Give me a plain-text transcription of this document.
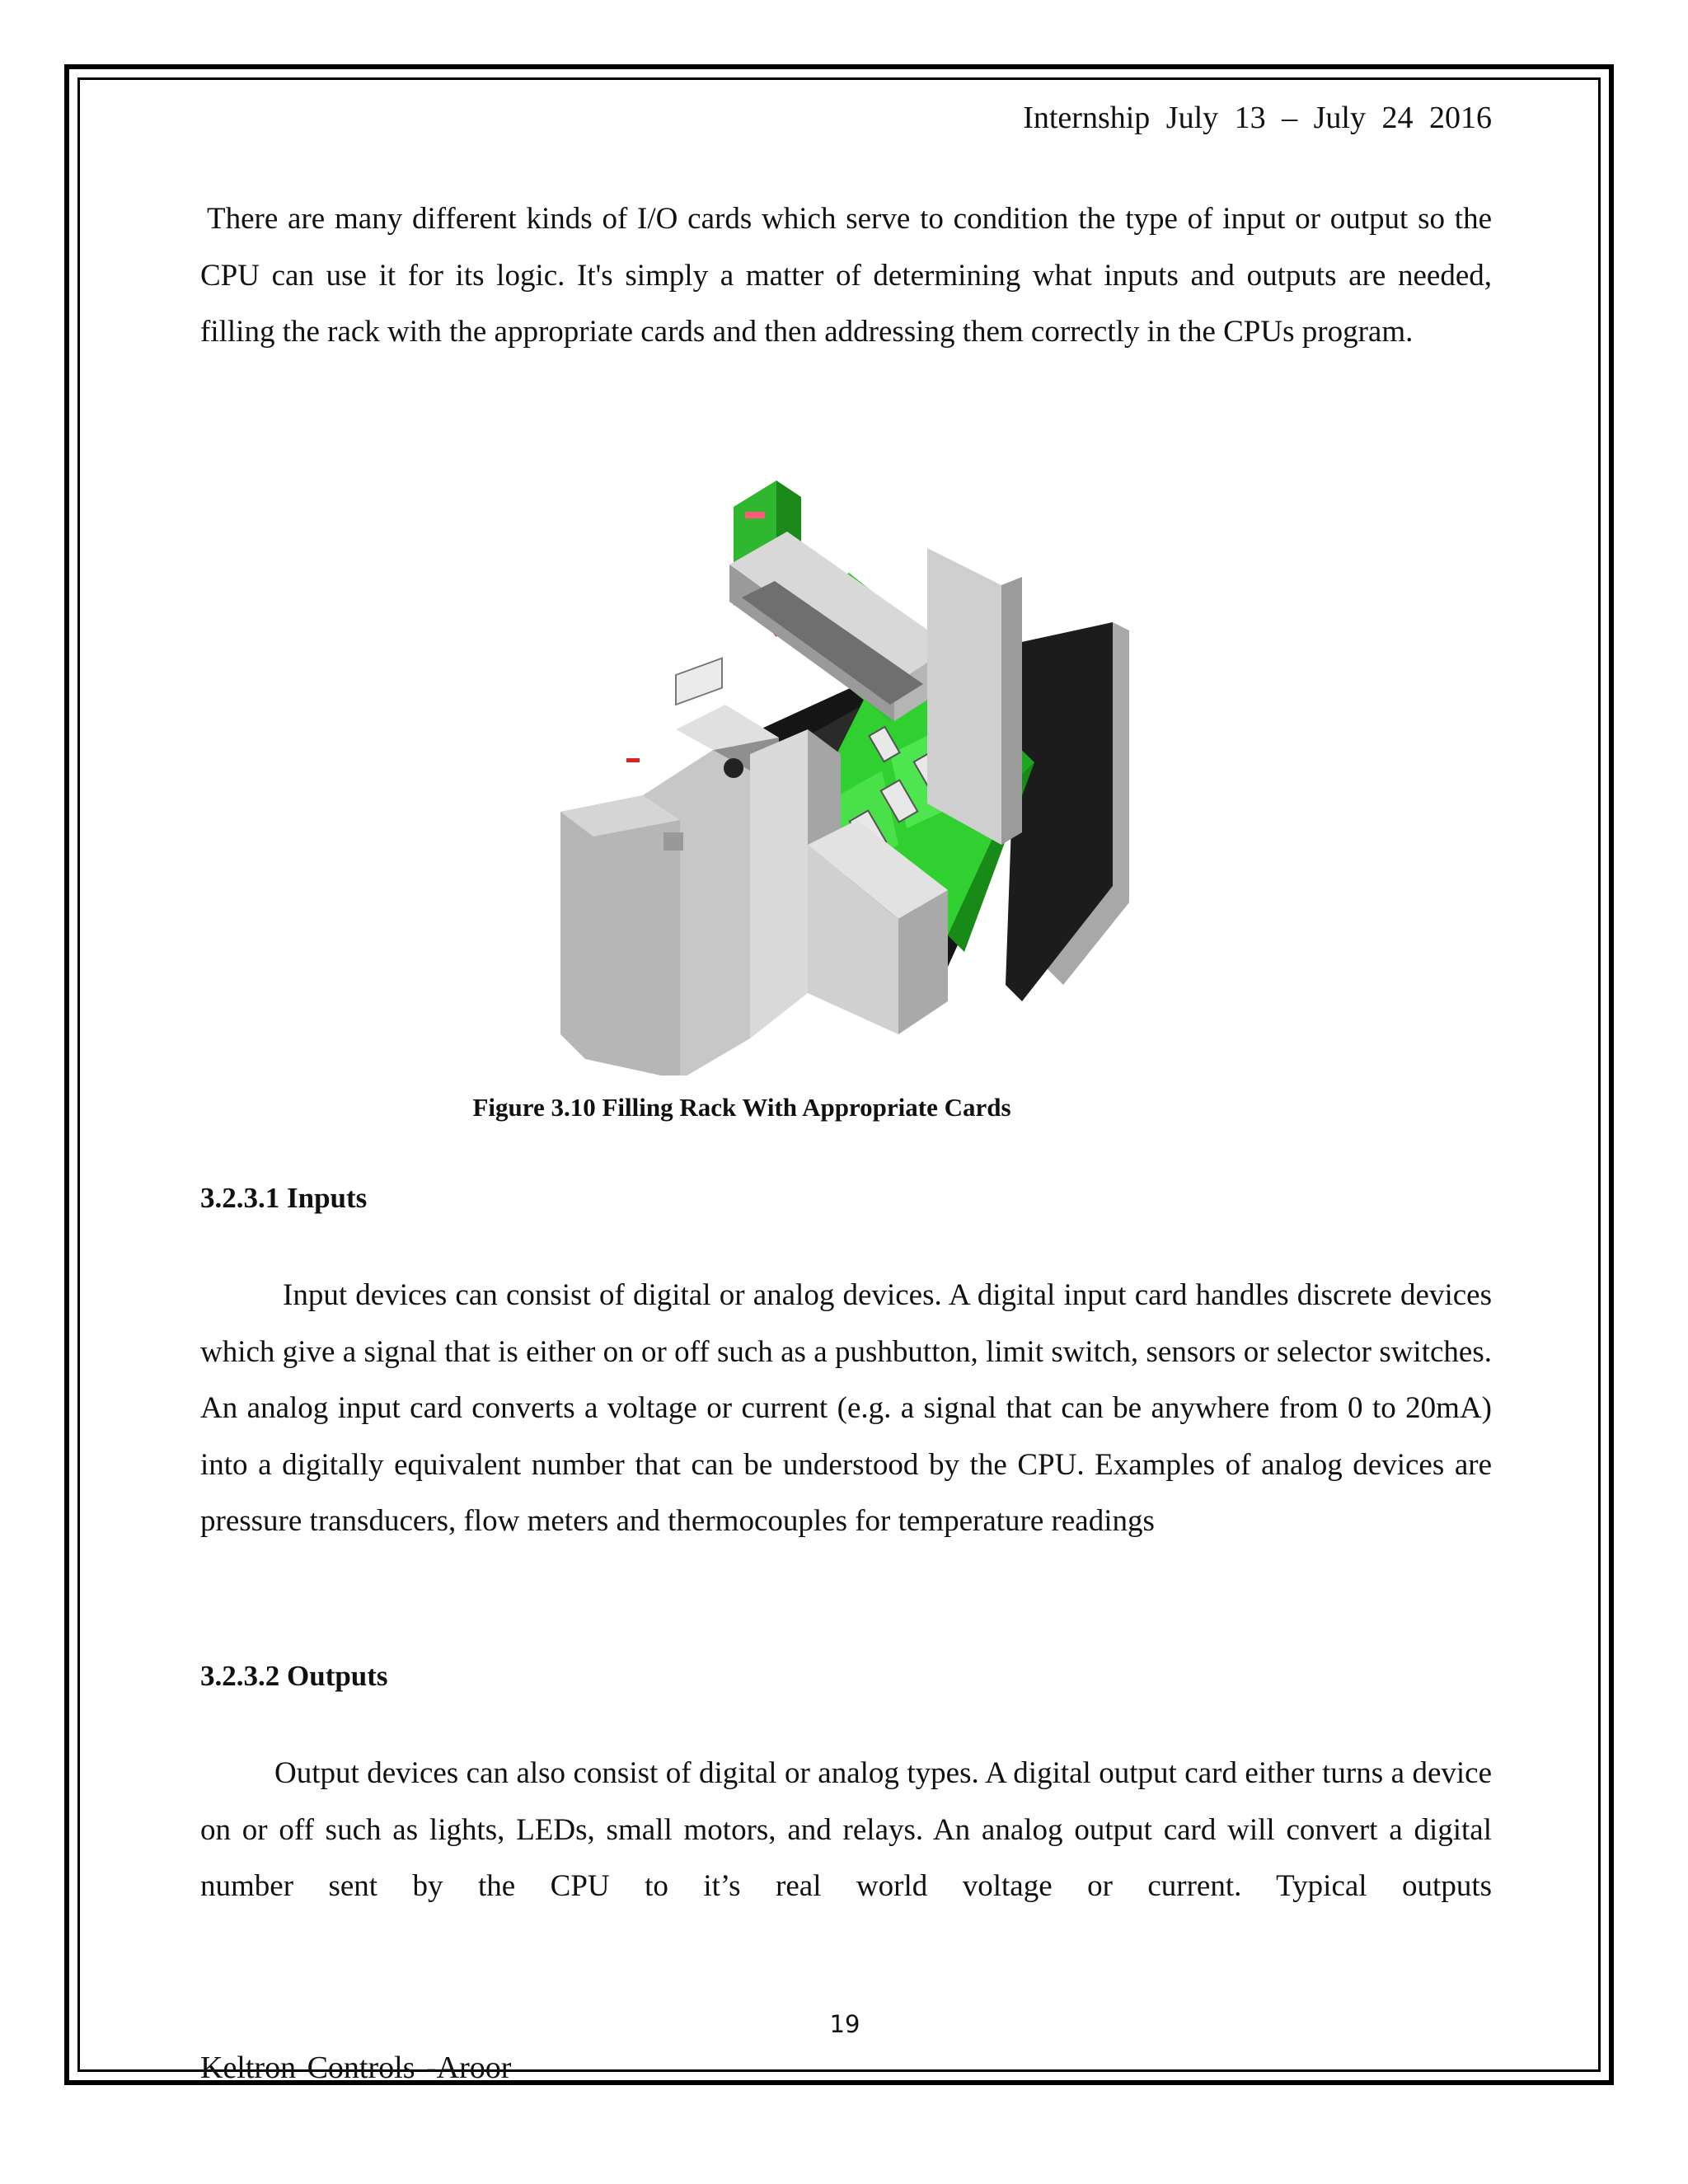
Internship July 13 – July 24 2016

There are many different kinds of I/O cards which serve to condition the type of input or output so the CPU can use it for its logic. It's simply a matter of determining what inputs and outputs are needed, filling the rack with the appropriate cards and then addressing them correctly in the CPUs program.

Figure 3.10 Filling Rack With Appropriate Cards
3.2.3.1 Inputs

Input devices can consist of digital or analog devices. A digital input card handles discrete devices which give a signal that is either on or off such as a pushbutton, limit switch, sensors or selector switches. An analog input card converts a voltage or current (e.g. a signal that can be anywhere from 0 to 20mA) into a digitally equivalent number that can be understood by the CPU. Examples of analog devices are pressure transducers, flow meters and thermocouples for temperature readings

3.2.3.2 Outputs

Output devices can also consist of digital or analog types. A digital output card either turns a device on or off such as lights, LEDs, small motors, and relays. An analog output card will convert a digital number sent by the CPU to it’s real world voltage or current. Typical outputs

19
Keltron Controls -Aroor
